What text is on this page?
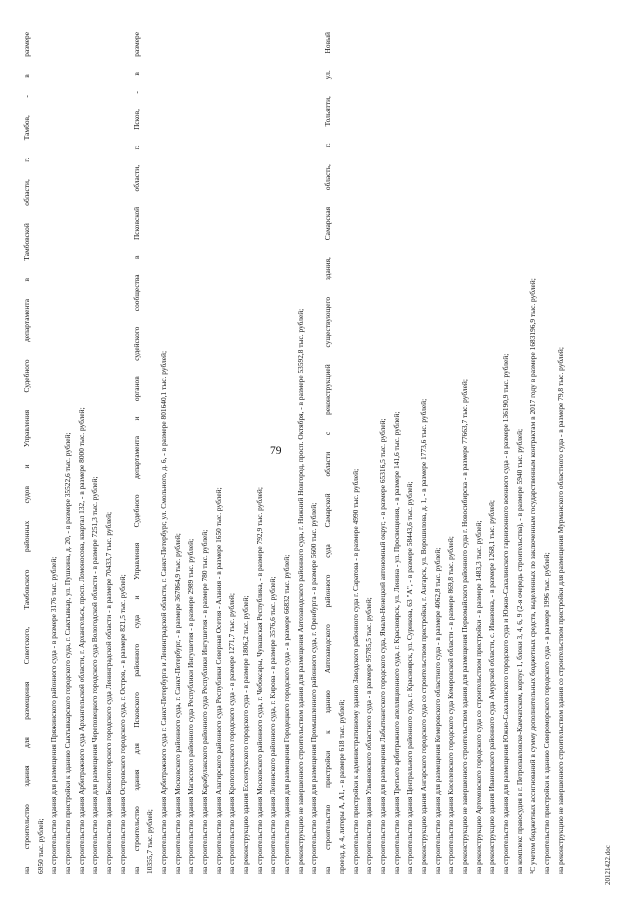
79
на строительство здания для размещения Советского, Тамбовского районных судов и Управления Судебного департамента в Тамбовской области, г. Тамбов, - в размере 6950 тыс. рублей; на строительство здания для размещения Пряжинского районного суда - в размере 3176 тыс. рублей; на строительство пристройки к зданию Сыктывкарского городского суда, г. Сыктывкар, ул. Пушкина, д. 20, - в размере 35522,6 тыс. рублей; на строительство здания Арбитражного суда Архангельской области, г. Архангельск, просп. Ломоносова, квартал 132, - в размере 8000 тыс. рублей; на строительство здания для размещения Череповецкого городского суда Вологодской области - в размере 7251,3 тыс. рублей; на строительство здания Бокситогорского городского суда Ленинградской области - в размере 70433,7 тыс. рублей; на строительство здания Островского городского суда, г. Остров, - в размере 821,5 тыс. рублей; на строительство здания для Псковского районного суда и Управления Судебного департамента и органов судейского сообщества в Псковской области, г. Псков, - в размере 10355,7 тыс. рублей; на строительство здания Арбитражного суда г. Санкт-Петербурга и Ленинградской области, г. Санкт-Петербург, ул. Смольного, д. 6, - в размере 801640,1 тыс. рублей; на строительство здания Московского районного суда, г. Санкт-Петербург, - в размере 367864,9 тыс. рублей; на строительство здания Магасского районного суда Республики Ингушетия - в размере 2989 тыс. рублей; на строительство здания Карабулакского районного суда Республики Ингушетия - в размере 780 тыс. рублей; на строительство здания Алагирского районного суда Республики Северная Осетия - Алания - в размере 1650 тыс. рублей; на строительство здания Кропоткинского городского суда - в размере 1271,7 тыс. рублей; на реконструкцию здания Ессентукского городского суда - в размере 1806,2 тыс. рублей; на строительство здания Московского районного суда, г. Чебоксары, Чувашская Республика, - в размере 792,9 тыс. рублей; на строительство здания Ленинского районного суда, г. Кирова - в размере 3576,6 тыс. рублей; на строительство здания для размещения Городецкого городского суда - в размере 66832 тыс. рублей; на реконструкцию не завершенного строительством здания для размещения Автозаводского районного суда, г. Нижний Новгород, просп. Октября, - в размере 53592,8 тыс. рублей; на строительство здания для размещения Промышленного районного суда, г. Оренбурга - в размере 5600 тыс. рублей; на строительство пристройки к зданию Автозаводского районного суда Самарской области с реконструкцией существующего здания, Самарская область, г. Тольятти, ул. Новый проезд, д. 4, литеры А, А1, - в размере 618 тыс. рублей; на строительство пристройки к административному зданию Заводского районного суда г. Саратова - в размере 4990 тыс. рублей; на строительство здания Ульяновского областного суда - в размере 95785,5 тыс. рублей; на строительство здания для размещения Лабытнангского городского суда, Ямало-Ненецкий автономный округ, - в размере 65316,5 тыс. рублей; на строительство здания Третьего арбитражного апелляционного суда, г. Красноярск, ул. Ленина - ул. Просвещения, - в размере 141,6 тыс. рублей; на строительство здания Центрального районного суда, г. Красноярск, ул. Сурикова, 63 "А", - в размере 58443,6 тыс. рублей; на реконструкцию здания Ангарского городского суда со строительством пристройки, г. Ангарск, ул. Ворошилова, д. 1, - в размере 1773,6 тыс. рублей; на строительство здания для размещения Кемеровского областного суда - в размере 4062,8 тыс. рублей; на строительство здания Киселевского городского суда Кемеровской области - в размере 869,8 тыс. рублей; на реконструкцию не завершенного строительством здания для размещения Первомайского районного суда г. Новосибирска - в размере 77663,7 тыс. рублей; на реконструкцию Артемовского городского суда со строительством пристройки - в размере 1483,3 тыс. рублей; на реконструкцию здания Ивановского районного суда Амурской области, с. Ивановка, - в размере 1268,1 тыс. рублей; на строительство здания для размещения Южно-Сахалинского городского суда и Южно-Сахалинского гарнизонного военного суда - в размере 136190,9 тыс. рублей; на комплекс правосудия в г. Петропавловске-Камчатском, корпус 1, блоки 3, 4, 6, 9 (2-я очередь строительства), - в размере 5940 тыс. рублей; ¹С учетом бюджетных ассигнований в сумму дополнительных бюджетных средств, выделенных по заключенным государственным контрактам в 2017 году в размере 1683196,9 тыс. рублей; на строительство пристройки к зданию Североморского городского суда - в размере 1996 тыс. рублей; на реконструкцию не завершенного строительством здания со строительством пристройки для размещения Мурманского областного суда - в размере 79,8 тыс. рублей;	20121422.doc
